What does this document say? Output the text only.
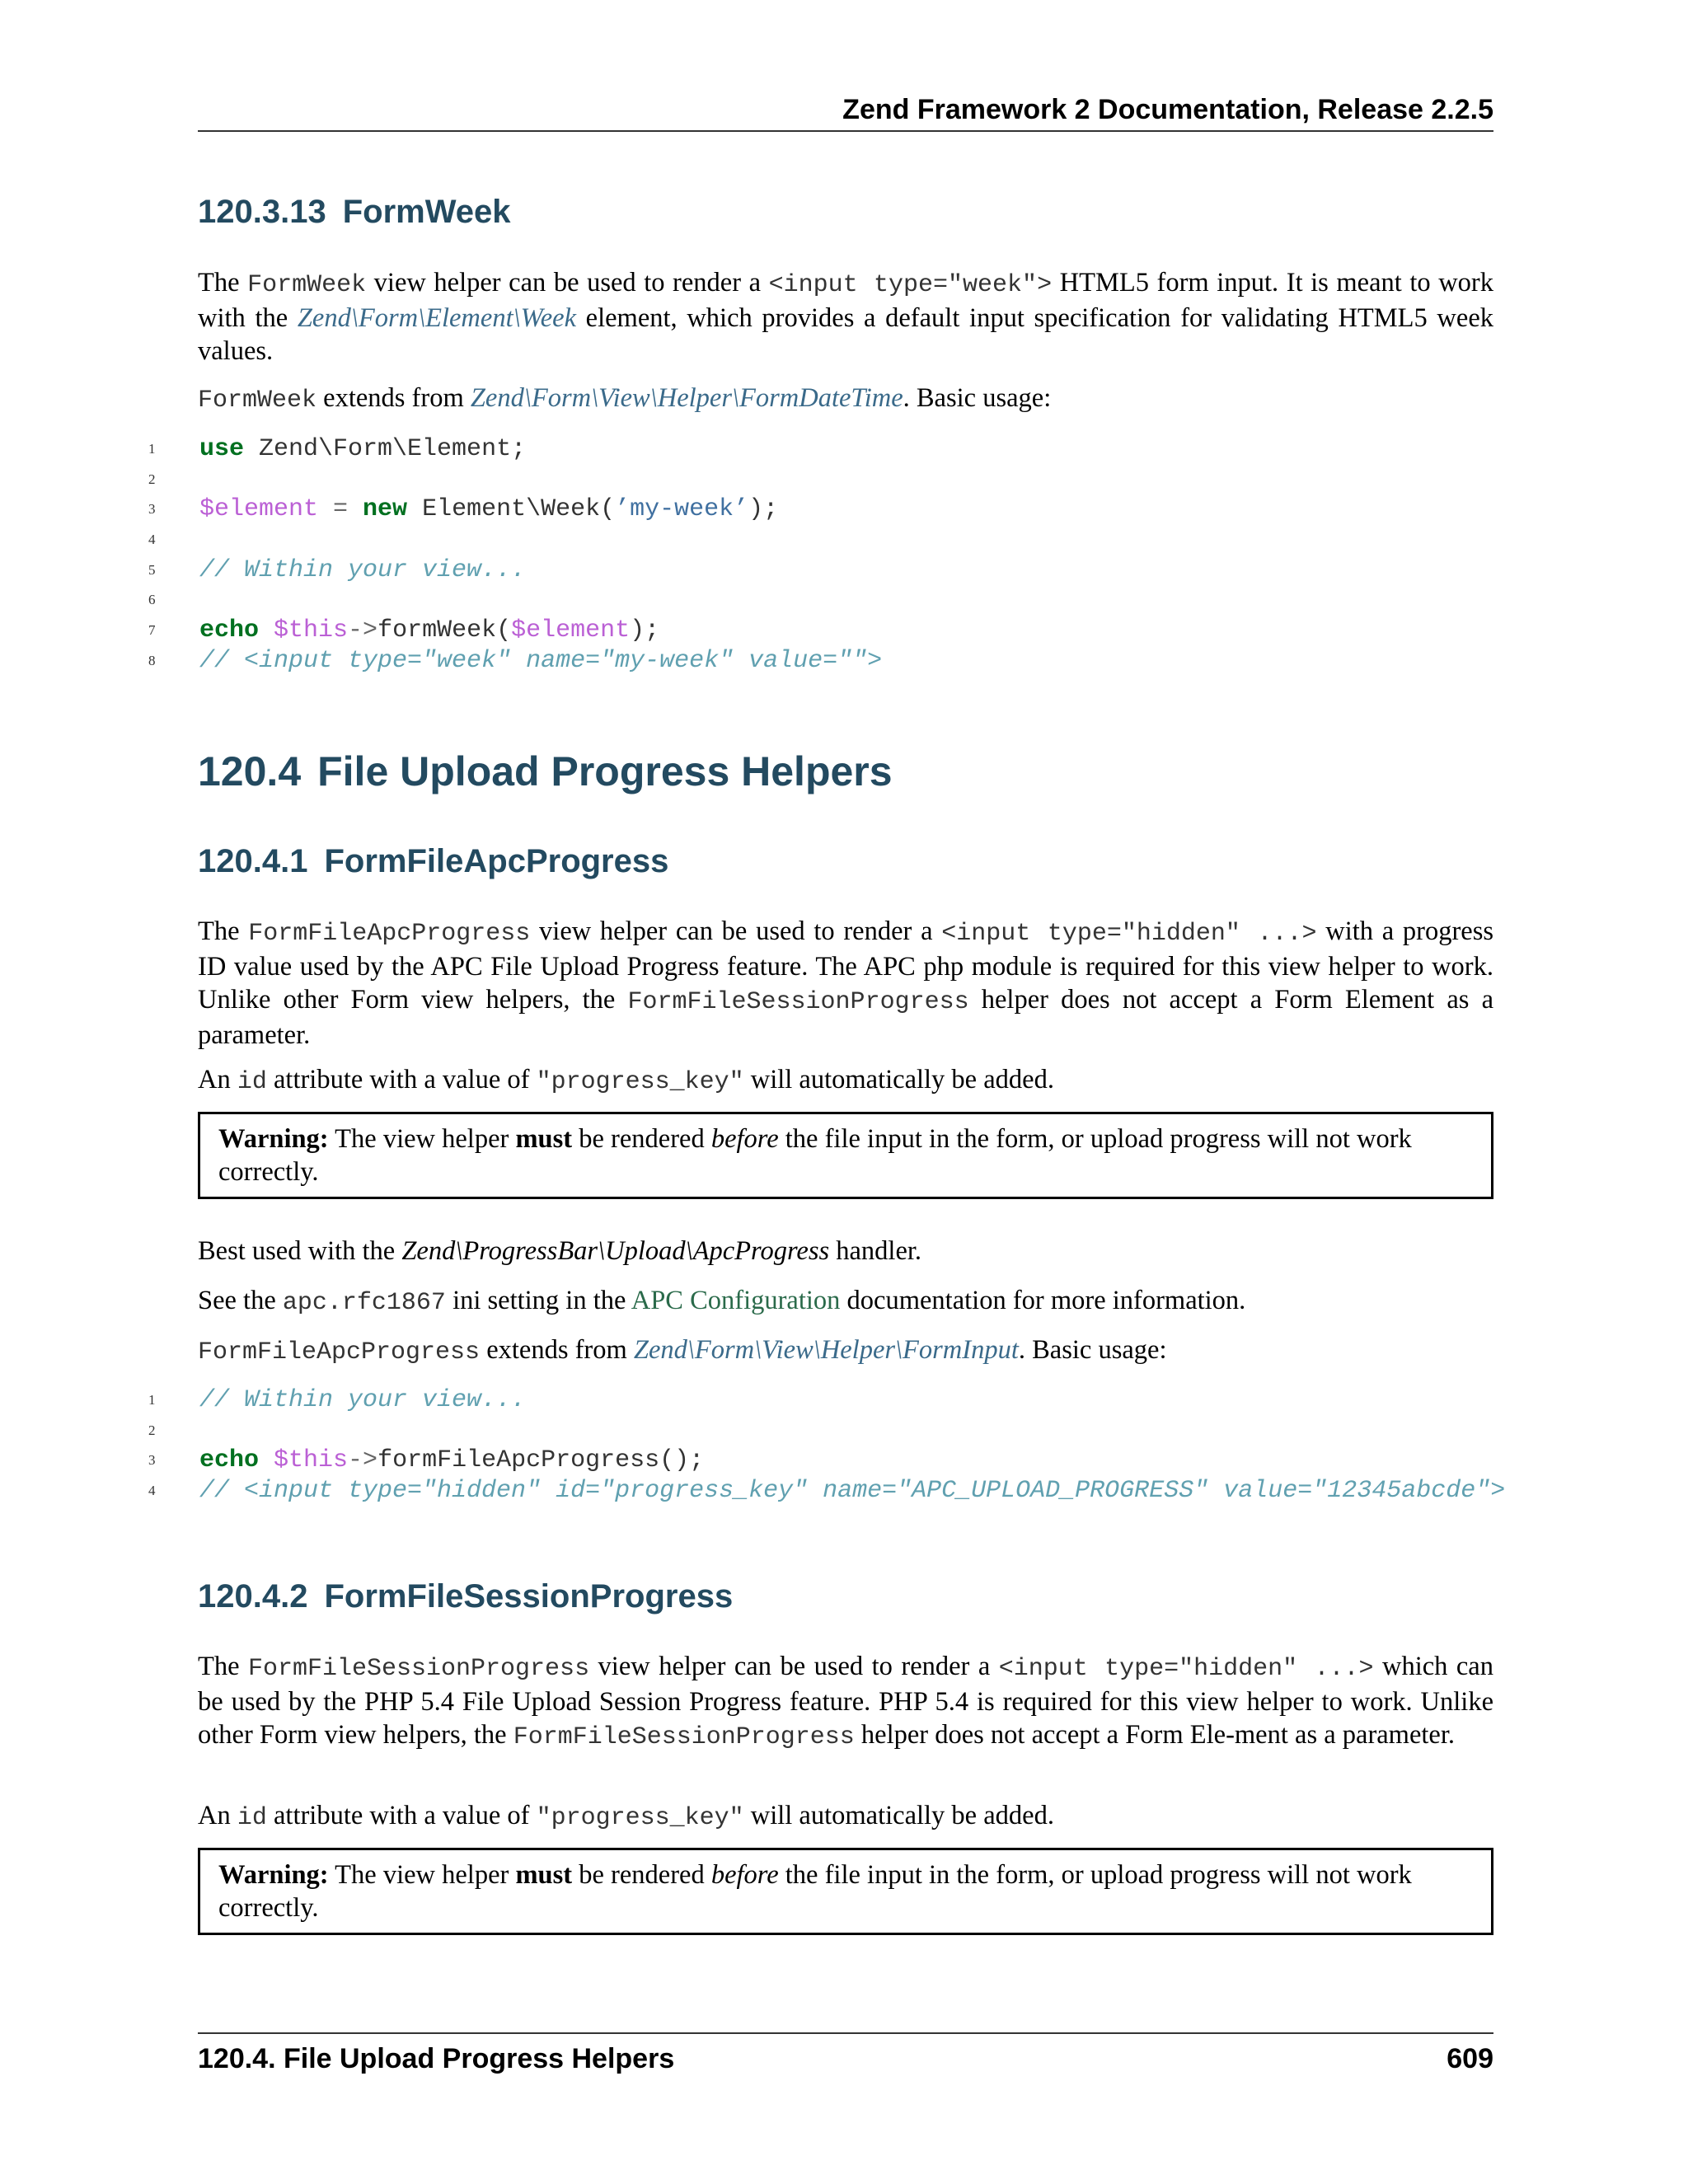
Zend Framework 2 Documentation, Release 2.2.5
120.3.13 FormWeek

The FormWeek view helper can be used to render a <input type="week"> HTML5 form input. It is meant to work with the Zend\Form\Element\Week element, which provides a default input specification for validating HTML5 week values.

FormWeek extends from Zend\Form\View\Helper\FormDateTime. Basic usage:

1	use Zend\Form\Element;
2
3	$element = new Element\Week(’my-week’);
4
5	// Within your view...
6
7	echo $this->formWeek($element);
8	// <input type="week" name="my-week" value="">
120.4 File Upload Progress Helpers
120.4.1 FormFileApcProgress

The FormFileApcProgress view helper can be used to render a <input type="hidden" ...> with a progress ID value used by the APC File Upload Progress feature. The APC php module is required for this view helper to work. Unlike other Form view helpers, the FormFileSessionProgress helper does not accept a Form Element as a parameter.

An id attribute with a value of "progress_key" will automatically be added.

Warning: The view helper must be rendered before the file input in the form, or upload progress will not work correctly.

Best used with the Zend\ProgressBar\Upload\ApcProgress handler.

See the apc.rfc1867 ini setting in the APC Configuration documentation for more information.

FormFileApcProgress extends from Zend\Form\View\Helper\FormInput. Basic usage:

1	// Within your view...
2
3	echo $this->formFileApcProgress();
4	// <input type="hidden" id="progress_key" name="APC_UPLOAD_PROGRESS" value="12345abcde">
120.4.2 FormFileSessionProgress

The FormFileSessionProgress view helper can be used to render a <input type="hidden" ...> which can be used by the PHP 5.4 File Upload Session Progress feature. PHP 5.4 is required for this view helper to work. Unlike other Form view helpers, the FormFileSessionProgress helper does not accept a Form Ele-ment as a parameter.

An id attribute with a value of "progress_key" will automatically be added.

Warning: The view helper must be rendered before the file input in the form, or upload progress will not work correctly.
120.4. File Upload Progress Helpers	609
